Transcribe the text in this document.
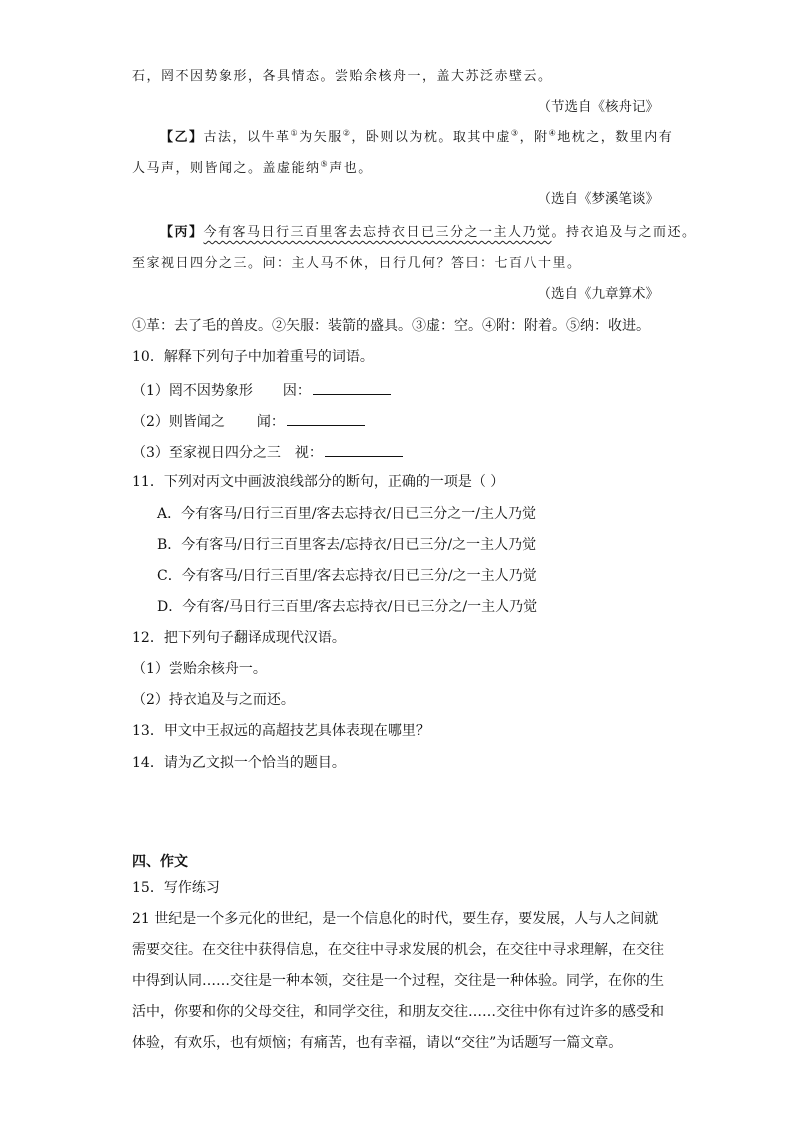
石，罔不因势象形，各具情态。尝贻余核舟一，盖大苏泛赤壁云。
（节选自《核舟记》
【乙】古法，以牛革①为矢服②，卧则以为枕。取其中虚③，附④地枕之，数里内有
人马声，则皆闻之。盖虚能纳⑤声也。
（选自《梦溪笔谈》
【丙】今有客马日行三百里客去忘持衣日已三分之一主人乃觉。持衣追及与之而还。
至家视日四分之三。问：主人马不休，日行几何？答曰：七百八十里。
（选自《九章算术》
①革：去了毛的兽皮。②矢服：装箭的盛具。③虚：空。④附：附着。⑤纳：收进。
10．解释下列句子中加着重号的词语。
（1）罔不因势象形 因：
（2）则皆闻之 闻：
（3）至家视日四分之三 视：
11．下列对丙文中画波浪线部分的断句，正确的一项是（ ）
A．今有客马/日行三百里/客去忘持衣/日已三分之一/主人乃觉
B．今有客马/日行三百里客去/忘持衣/日已三分/之一主人乃觉
C．今有客马/日行三百里/客去忘持衣/日已三分/之一主人乃觉
D．今有客/马日行三百里/客去忘持衣/日已三分之/一主人乃觉
12．把下列句子翻译成现代汉语。
（1）尝贻余核舟一。
（2）持衣追及与之而还。
13．甲文中王叔远的高超技艺具体表现在哪里？
14．请为乙文拟一个恰当的题目。
四、作文
15．写作练习
21 世纪是一个多元化的世纪，是一个信息化的时代，要生存，要发展，人与人之间就
需要交往。在交往中获得信息，在交往中寻求发展的机会，在交往中寻求理解，在交往
中得到认同……交往是一种本领，交往是一个过程，交往是一种体验。同学，在你的生
活中，你要和你的父母交往，和同学交往，和朋友交往……交往中你有过许多的感受和
体验，有欢乐，也有烦恼；有痛苦，也有幸福，请以“交往”为话题写一篇文章。
